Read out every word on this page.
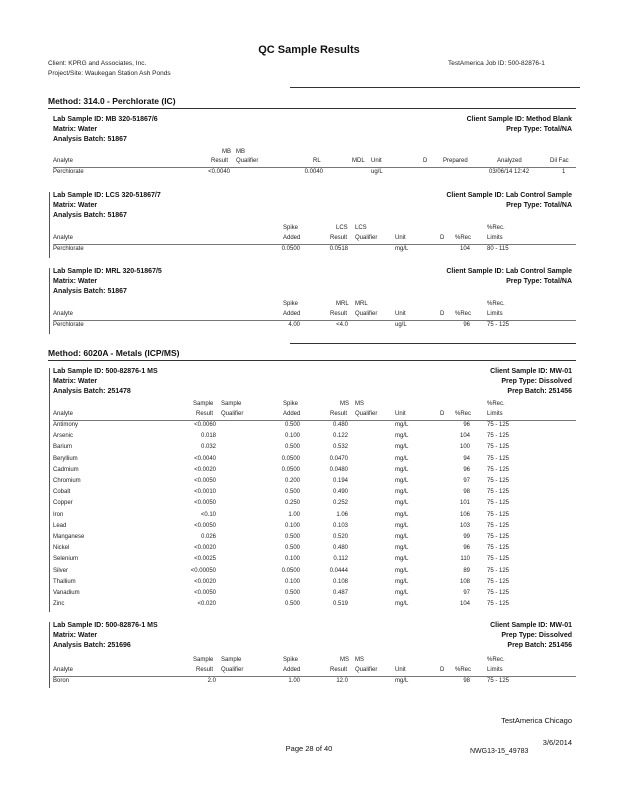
QC Sample Results
Client: KPRG and Associates, Inc.
Project/Site: Waukegan Station Ash Ponds
TestAmerica Job ID: 500-82876-1
Method: 314.0 - Perchlorate (IC)
Lab Sample ID: MB 320-51867/6
Matrix: Water
Analysis Batch: 51867
Client Sample ID: Method Blank
Prep Type: Total/NA
MB MB
Analyte	Result Qualifier	RL	MDL Unit	D	Prepared	Analyzed	Dil Fac
Perchlorate	<0.0040	0.0040	ug/L	03/06/14 12:42	1
Lab Sample ID: LCS 320-51867/7
Matrix: Water
Analysis Batch: 51867
Client Sample ID: Lab Control Sample
Prep Type: Total/NA
Spike	LCS LCS	%Rec.
Analyte	Added	Result Qualifier	Unit	D %Rec	Limits
Perchlorate	0.0500	0.0518	mg/L	104	80 - 115
Lab Sample ID: MRL 320-51867/5
Matrix: Water
Analysis Batch: 51867
Client Sample ID: Lab Control Sample
Prep Type: Total/NA
Spike	MRL MRL	%Rec.
Analyte	Added	Result Qualifier	Unit	D %Rec	Limits
Perchlorate	4.00	<4.0	ug/L	96	75 - 125
Method: 6020A - Metals (ICP/MS)
Lab Sample ID: 500-82876-1 MS
Matrix: Water
Analysis Batch: 251478
Client Sample ID: MW-01
Prep Type: Dissolved
Prep Batch: 251456
Sample Sample	Spike	MS MS	%Rec.
Analyte	Result Qualifier	Added	Result Qualifier	Unit	D %Rec	Limits
Antimony	<0.0060	0.500	0.480	mg/L	96	75 - 125
Arsenic	0.018	0.100	0.122	mg/L	104	75 - 125
Barium	0.032	0.500	0.532	mg/L	100	75 - 125
Beryllium	<0.0040	0.0500	0.0470	mg/L	94	75 - 125
Cadmium	<0.0020	0.0500	0.0480	mg/L	96	75 - 125
Chromium	<0.0050	0.200	0.194	mg/L	97	75 - 125
Cobalt	<0.0010	0.500	0.490	mg/L	98	75 - 125
Copper	<0.0050	0.250	0.252	mg/L	101	75 - 125
Iron	<0.10	1.00	1.06	mg/L	106	75 - 125
Lead	<0.0050	0.100	0.103	mg/L	103	75 - 125
Manganese	0.026	0.500	0.520	mg/L	99	75 - 125
Nickel	<0.0020	0.500	0.480	mg/L	96	75 - 125
Selenium	<0.0025	0.100	0.112	mg/L	110	75 - 125
Silver	<0.00050	0.0500	0.0444	mg/L	89	75 - 125
Thallium	<0.0020	0.100	0.108	mg/L	108	75 - 125
Vanadium	<0.0050	0.500	0.487	mg/L	97	75 - 125
Zinc	<0.020	0.500	0.519	mg/L	104	75 - 125
Lab Sample ID: 500-82876-1 MS
Matrix: Water
Analysis Batch: 251696
Client Sample ID: MW-01
Prep Type: Dissolved
Prep Batch: 251456
Sample Sample	Spike	MS MS	%Rec.
Analyte	Result Qualifier	Added	Result Qualifier	Unit	D %Rec	Limits
Boron	2.0	1.00	12.0	mg/L	98	75 - 125
TestAmerica Chicago
Page 28 of 40
3/6/2014
NWG13-15_49783
